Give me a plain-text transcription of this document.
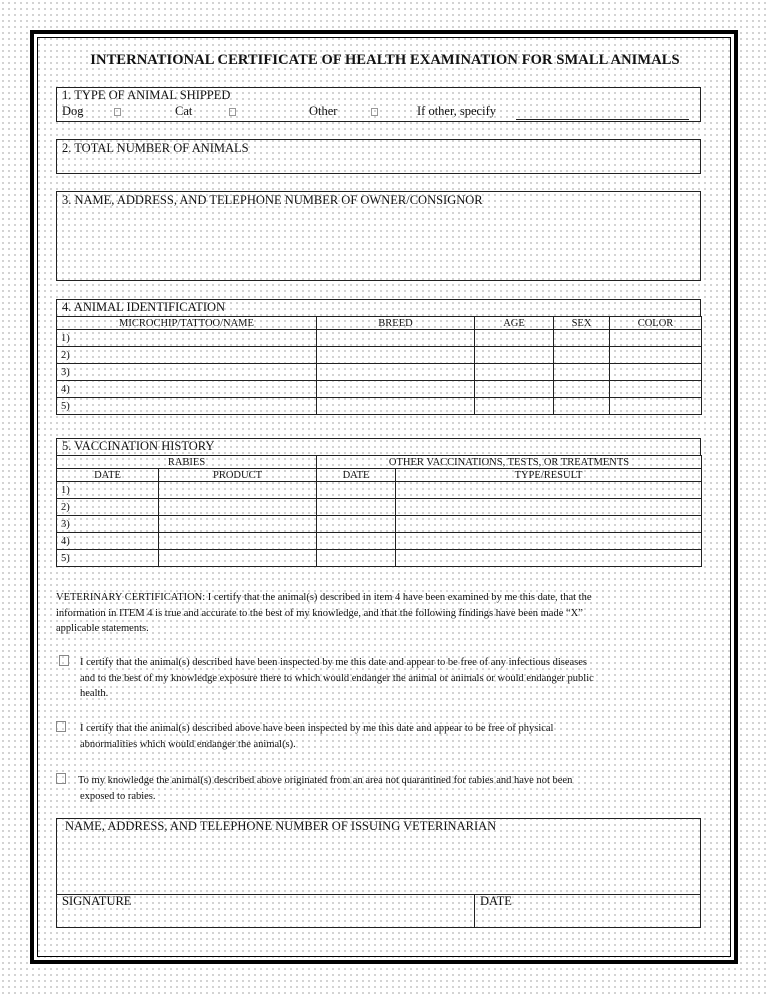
INTERNATIONAL CERTIFICATE OF HEALTH EXAMINATION FOR SMALL ANIMALS
1. TYPE OF ANIMAL SHIPPED
Dog	Cat	Other	If other, specify
2. TOTAL NUMBER OF ANIMALS
3. NAME, ADDRESS, AND TELEPHONE NUMBER OF OWNER/CONSIGNOR
4. ANIMAL IDENTIFICATION
MICROCHIP/TATTOO/NAME	BREED	AGE	SEX	COLOR
1)				
2)				
3)				
4)				
5)				
5. VACCINATION HISTORY
RABIES		OTHER VACCINATIONS, TESTS, OR TREATMENTS	
DATE	PRODUCT	DATE	TYPE/RESULT
1)			
2)			
3)			
4)			
5)			
VETERINARY CERTIFICATION: I certify that the animal(s) described in item 4 have been examined by me this date, that the
information in ITEM 4 is true and accurate to the best of my knowledge, and that the following findings have been made “X”
applicable statements.
I certify that the animal(s) described have been inspected by me this date and appear to be free of any infectious diseases
and to the best of my knowledge exposure there to which would endanger the animal or animals or would endanger public
health.
I certify that the animal(s) described above have been inspected by me this date and appear to be free of physical
abnormalities which would endanger the animal(s).
To my knowledge the animal(s) described above originated from an area not quarantined for rabies and have not been
exposed to rabies.
NAME, ADDRESS, AND TELEPHONE NUMBER OF ISSUING VETERINARIAN
SIGNATURE	DATE
